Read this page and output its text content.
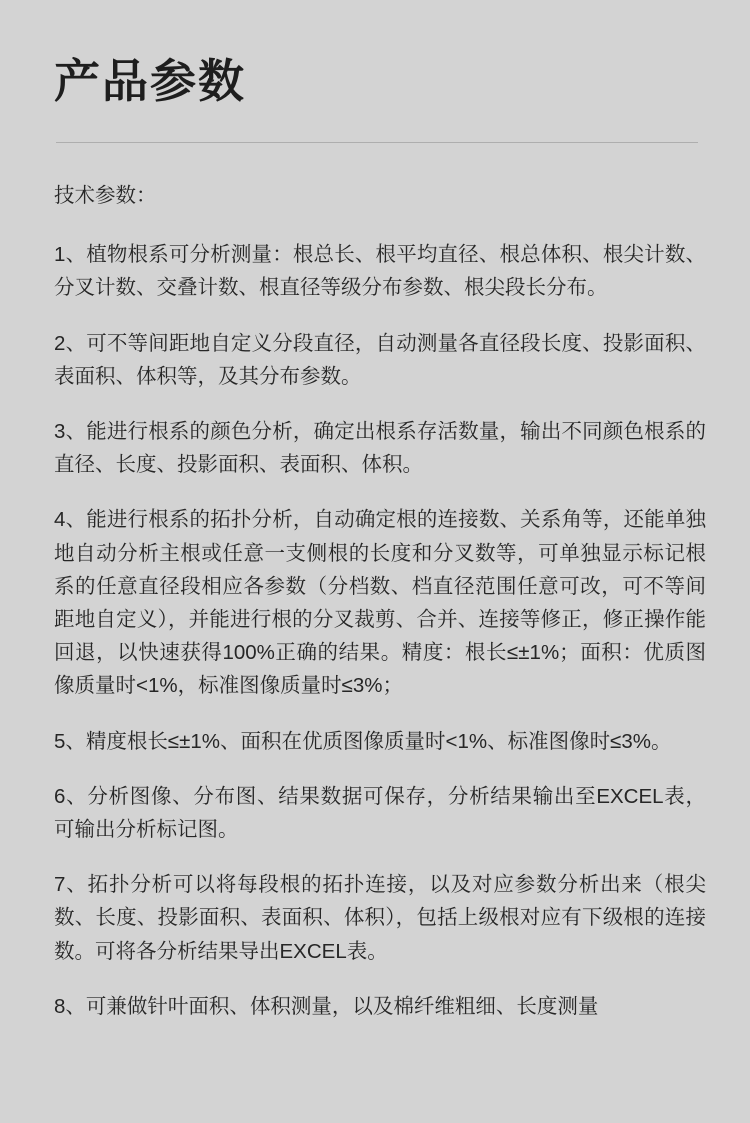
产品参数

技术参数：

1、植物根系可分析测量：根总长、根平均直径、根总体积、根尖计数、分叉计数、交叠计数、根直径等级分布参数、根尖段长分布。

2、可不等间距地自定义分段直径，自动测量各直径段长度、投影面积、表面积、体积等，及其分布参数。

3、能进行根系的颜色分析，确定出根系存活数量，输出不同颜色根系的直径、长度、投影面积、表面积、体积。

4、能进行根系的拓扑分析，自动确定根的连接数、关系角等，还能单独地自动分析主根或任意一支侧根的长度和分叉数等，可单独显示标记根系的任意直径段相应各参数（分档数、档直径范围任意可改，可不等间距地自定义），并能进行根的分叉裁剪、合并、连接等修正，修正操作能回退，以快速获得100%正确的结果。精度：根长≤±1%；面积：优质图像质量时<1%，标准图像质量时≤3%；

5、精度根长≤±1%、面积在优质图像质量时<1%、标准图像时≤3%。

6、分析图像、分布图、结果数据可保存，分析结果输出至EXCEL表，可输出分析标记图。

7、拓扑分析可以将每段根的拓扑连接，以及对应参数分析出来（根尖数、长度、投影面积、表面积、体积），包括上级根对应有下级根的连接数。可将各分析结果导出EXCEL表。

8、可兼做针叶面积、体积测量，以及棉纤维粗细、长度测量
